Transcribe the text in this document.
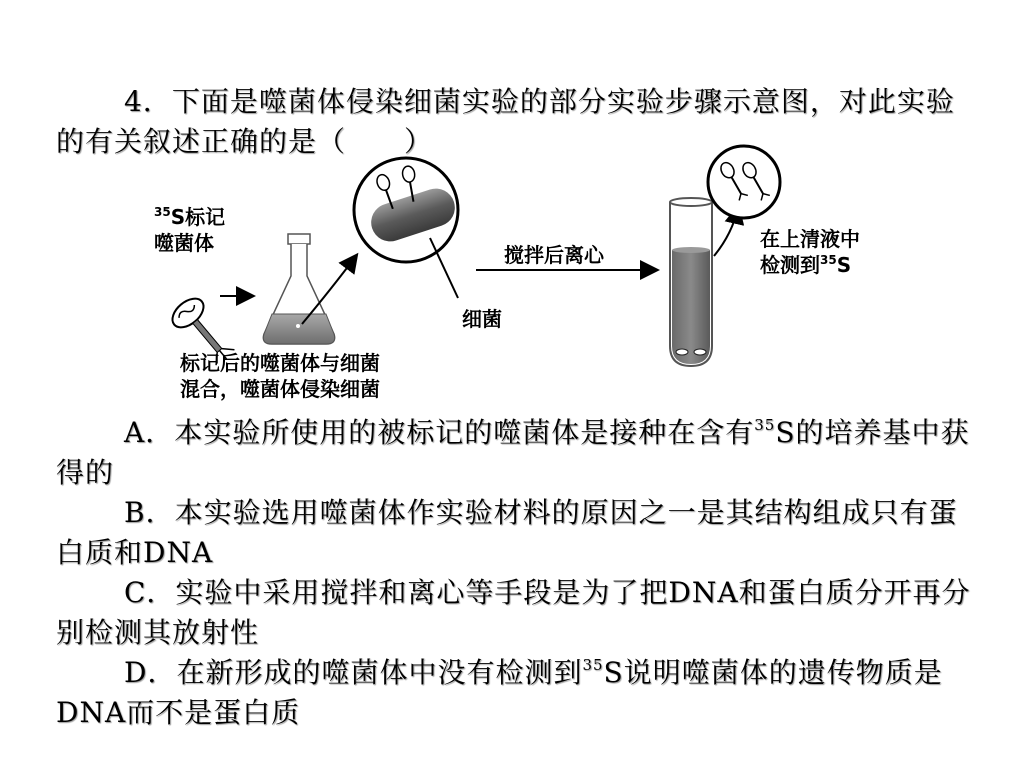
4．下面是噬菌体侵染细菌实验的部分实验步骤示意图，对此实验的有关叙述正确的是（　　）
$^{35}$S标记
噬菌体
标记后的噬菌体与细菌
混合，噬菌体侵染细菌
搅拌后离心
细菌
在上清液中
检测到$^{35}$S
A．本实验所使用的被标记的噬菌体是接种在含有$^{35}$S的培养基中获得的
B．本实验选用噬菌体作实验材料的原因之一是其结构组成只有蛋白质和DNA
C．实验中采用搅拌和离心等手段是为了把DNA和蛋白质分开再分别检测其放射性
D．在新形成的噬菌体中没有检测到$^{35}$S说明噬菌体的遗传物质是DNA而不是蛋白质
